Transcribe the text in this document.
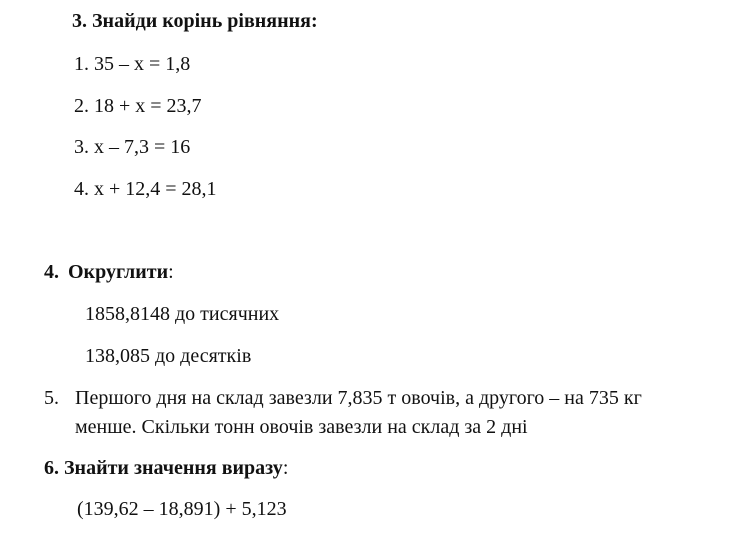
3. Знайди корінь рівняння:
1. 35 – x = 1,8
2. 18 + x = 23,7
3. x – 7,3 = 16
4. x + 12,4 = 28,1
4. Округлити:
1858,8148 до тисячних
138,085 до десятків
5. Першого дня на склад завезли 7,835 т овочів, а другого – на 735 кг
менше. Скільки тонн овочів завезли на склад за 2 дні
6. Знайти значення виразу:
(139,62 – 18,891) + 5,123
